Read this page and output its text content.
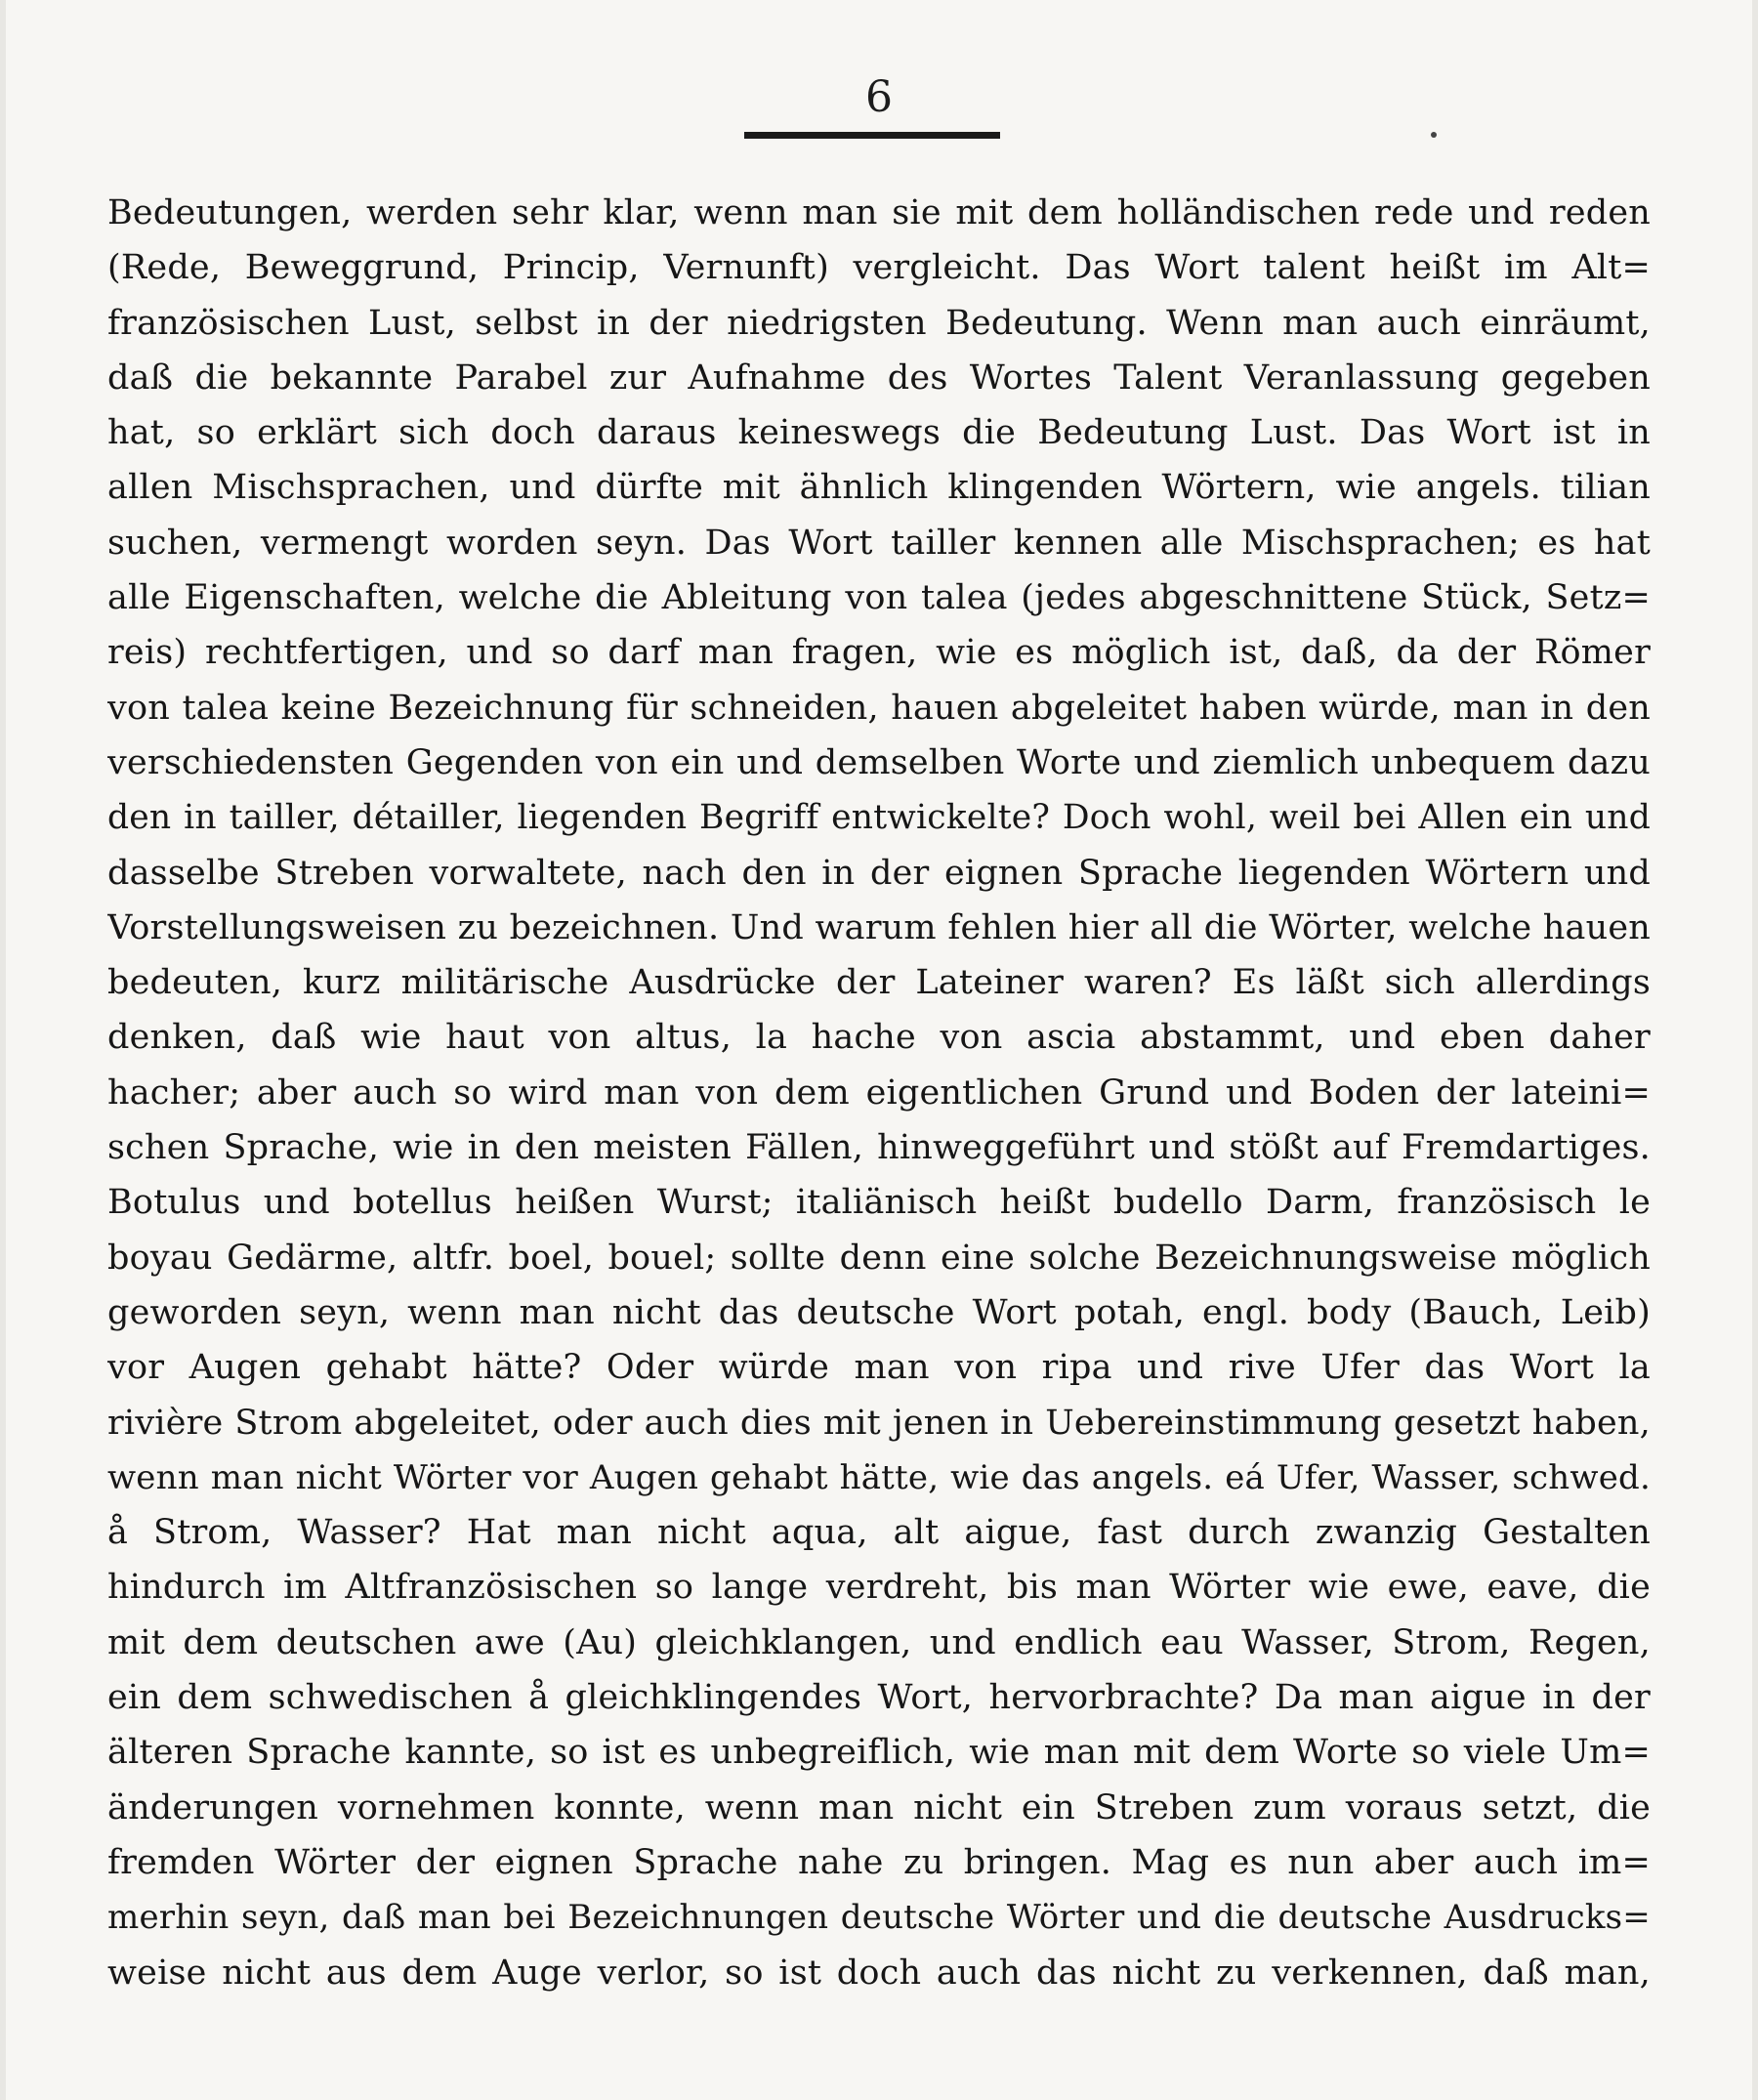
6
Bedeutungen, werden sehr klar, wenn man sie mit dem holländischen rede und reden
(Rede, Beweggrund, Princip, Vernunft) vergleicht. Das Wort talent heißt im Alt=
französischen Lust, selbst in der niedrigsten Bedeutung. Wenn man auch einräumt,
daß die bekannte Parabel zur Aufnahme des Wortes Talent Veranlassung gegeben
hat, so erklärt sich doch daraus keineswegs die Bedeutung Lust. Das Wort ist in
allen Mischsprachen, und dürfte mit ähnlich klingenden Wörtern, wie angels. tilian
suchen, vermengt worden seyn. Das Wort tailler kennen alle Mischsprachen; es hat
alle Eigenschaften, welche die Ableitung von talea (jedes abgeschnittene Stück, Setz=
reis) rechtfertigen, und so darf man fragen, wie es möglich ist, daß, da der Römer
von talea keine Bezeichnung für schneiden, hauen abgeleitet haben würde, man in den
verschiedensten Gegenden von ein und demselben Worte und ziemlich unbequem dazu
den in tailler, détailler, liegenden Begriff entwickelte? Doch wohl, weil bei Allen ein und
dasselbe Streben vorwaltete, nach den in der eignen Sprache liegenden Wörtern und
Vorstellungsweisen zu bezeichnen. Und warum fehlen hier all die Wörter, welche hauen
bedeuten, kurz militärische Ausdrücke der Lateiner waren? Es läßt sich allerdings
denken, daß wie haut von altus, la hache von ascia abstammt, und eben daher
hacher; aber auch so wird man von dem eigentlichen Grund und Boden der lateini=
schen Sprache, wie in den meisten Fällen, hinweggeführt und stößt auf Fremdartiges.
Botulus und botellus heißen Wurst; italiänisch heißt budello Darm, französisch le
boyau Gedärme, altfr. boel, bouel; sollte denn eine solche Bezeichnungsweise möglich
geworden seyn, wenn man nicht das deutsche Wort potah, engl. body (Bauch, Leib)
vor Augen gehabt hätte? Oder würde man von ripa und rive Ufer das Wort la
rivière Strom abgeleitet, oder auch dies mit jenen in Uebereinstimmung gesetzt haben,
wenn man nicht Wörter vor Augen gehabt hätte, wie das angels. eá Ufer, Wasser, schwed.
å Strom, Wasser? Hat man nicht aqua, alt aigue, fast durch zwanzig Gestalten
hindurch im Altfranzösischen so lange verdreht, bis man Wörter wie ewe, eave, die
mit dem deutschen awe (Au) gleichklangen, und endlich eau Wasser, Strom, Regen,
ein dem schwedischen å gleichklingendes Wort, hervorbrachte? Da man aigue in der
älteren Sprache kannte, so ist es unbegreiflich, wie man mit dem Worte so viele Um=
änderungen vornehmen konnte, wenn man nicht ein Streben zum voraus setzt, die
fremden Wörter der eignen Sprache nahe zu bringen. Mag es nun aber auch im=
merhin seyn, daß man bei Bezeichnungen deutsche Wörter und die deutsche Ausdrucks=
weise nicht aus dem Auge verlor, so ist doch auch das nicht zu verkennen, daß man,
